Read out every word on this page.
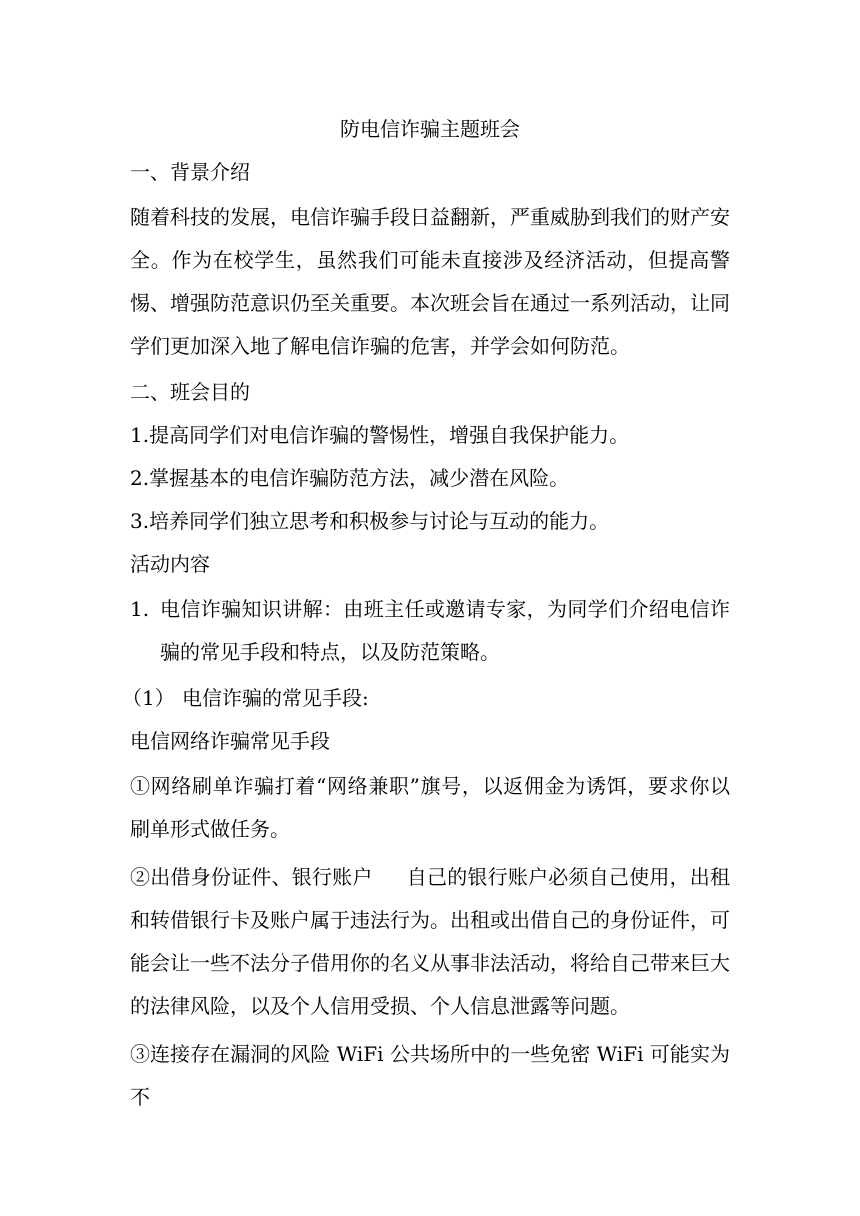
防电信诈骗主题班会
一、背景介绍
随着科技的发展，电信诈骗手段日益翻新，严重威胁到我们的财产安全。作为在校学生，虽然我们可能未直接涉及经济活动，但提高警惕、增强防范意识仍至关重要。本次班会旨在通过一系列活动，让同学们更加深入地了解电信诈骗的危害，并学会如何防范。
二、班会目的
1.提高同学们对电信诈骗的警惕性，增强自我保护能力。
2.掌握基本的电信诈骗防范方法，减少潜在风险。
3.培养同学们独立思考和积极参与讨论与互动的能力。
活动内容
1. 电信诈骗知识讲解：由班主任或邀请专家，为同学们介绍电信诈骗的常见手段和特点，以及防范策略。
（1） 电信诈骗的常见手段:
电信网络诈骗常见手段
①网络刷单诈骗打着“网络兼职”旗号，以返佣金为诱饵，要求你以刷单形式做任务。
②出借身份证件、银行账户 自己的银行账户必须自己使用，出租和转借银行卡及账户属于违法行为。出租或出借自己的身份证件，可能会让一些不法分子借用你的名义从事非法活动，将给自己带来巨大的法律风险，以及个人信用受损、个人信息泄露等问题。
③连接存在漏洞的风险 WiFi 公共场所中的一些免密 WiFi 可能实为不
